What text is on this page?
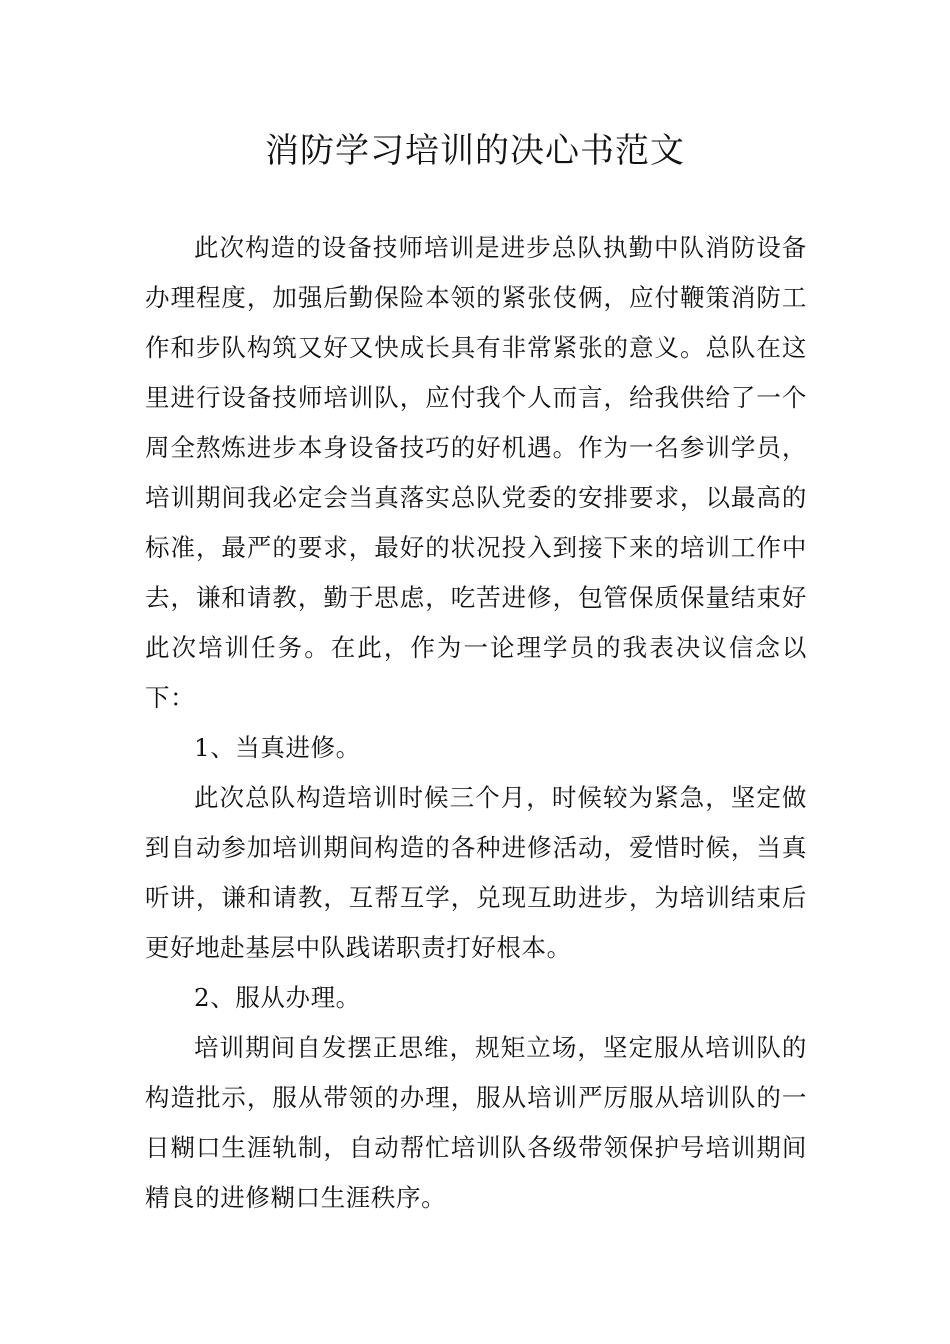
消防学习培训的决心书范文

此次构造的设备技师培训是进步总队执勤中队消防设备办理程度，加强后勤保险本领的紧张伎俩，应付鞭策消防工作和步队构筑又好又快成长具有非常紧张的意义。总队在这里进行设备技师培训队，应付我个人而言，给我供给了一个周全熬炼进步本身设备技巧的好机遇。作为一名参训学员，培训期间我必定会当真落实总队党委的安排要求，以最高的标准，最严的要求，最好的状况投入到接下来的培训工作中去，谦和请教，勤于思虑，吃苦进修，包管保质保量结束好此次培训任务。在此，作为一论理学员的我表决议信念以下：

1、当真进修。

此次总队构造培训时候三个月，时候较为紧急，坚定做到自动参加培训期间构造的各种进修活动，爱惜时候，当真听讲，谦和请教，互帮互学，兑现互助进步，为培训结束后更好地赴基层中队践诺职责打好根本。

2、服从办理。

培训期间自发摆正思维，规矩立场，坚定服从培训队的构造批示，服从带领的办理，服从培训严厉服从培训队的一日糊口生涯轨制，自动帮忙培训队各级带领保护号培训期间精良的进修糊口生涯秩序。
